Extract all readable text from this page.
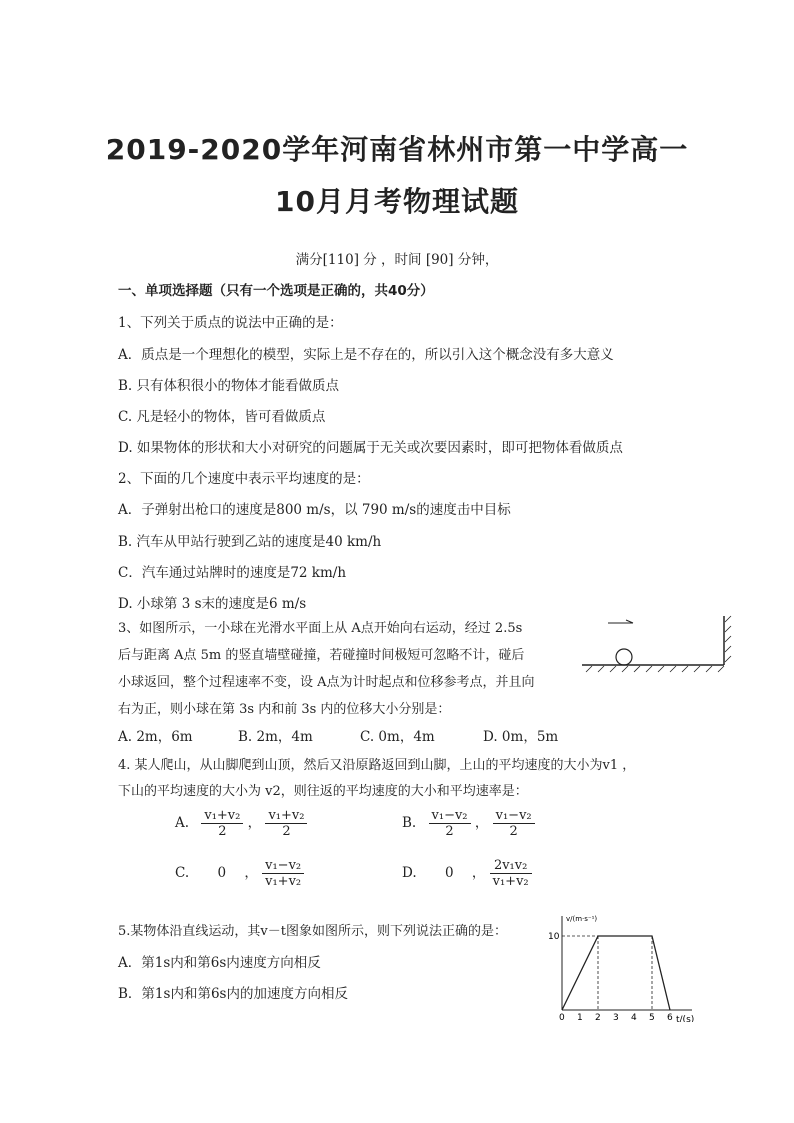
2019-2020学年河南省林州市第一中学高一
10月月考物理试题
满分[110] 分 ，时间 [90] 分钟，
一、单项选择题（只有一个选项是正确的，共40分）
1、下列关于质点的说法中正确的是：
A．质点是一个理想化的模型，实际上是不存在的，所以引入这个概念没有多大意义
B. 只有体积很小的物体才能看做质点
C. 凡是轻小的物体，皆可看做质点
D. 如果物体的形状和大小对研究的问题属于无关或次要因素时，即可把物体看做质点
2、下面的几个速度中表示平均速度的是：
A．子弹射出枪口的速度是800 m/s，以 790 m/s的速度击中目标
B. 汽车从甲站行驶到乙站的速度是40 km/h
C．汽车通过站牌时的速度是72 km/h
D. 小球第 3 s末的速度是6 m/s
3、如图所示，一小球在光滑水平面上从 A点开始向右运动，经过 2.5s
后与距离 A点 5m 的竖直墙壁碰撞，若碰撞时间极短可忽略不计，碰后
小球返回，整个过程速率不变，设 A点为计时起点和位移参考点，并且向
右为正，则小球在第 3s 内和前 3s 内的位移大小分别是：
A. 2m，6m	B. 2m，4m	C. 0m，4m	D. 0m，5m
4. 某人爬山，从山脚爬到山顶，然后又沿原路返回到山脚，上山的平均速度的大小为v1 ，
下山的平均速度的大小为 v2，则往返的平均速度的大小和平均速率是：
A. $\frac{\text{v₁+v₂}}{2}$ ， $\frac{\text{v₁+v₂}}{2}$	B. $\frac{\text{v₁−v₂}}{2}$ ， $\frac{\text{v₁−v₂}}{2}$
C. 0 ， $\frac{\text{v₁−v₂}}{\text{v₁+v₂}}$	D. 0 ， $\frac{\text{2v₁v₂}}{\text{v₁+v₂}}$
5.某物体沿直线运动，其v－t图象如图所示，则下列说法正确的是：
A．第1s内和第6s内速度方向相反
B．第1s内和第6s内的加速度方向相反
v/(m·s⁻¹)
t/(s)
0 1 2 3 4 5 6
10
